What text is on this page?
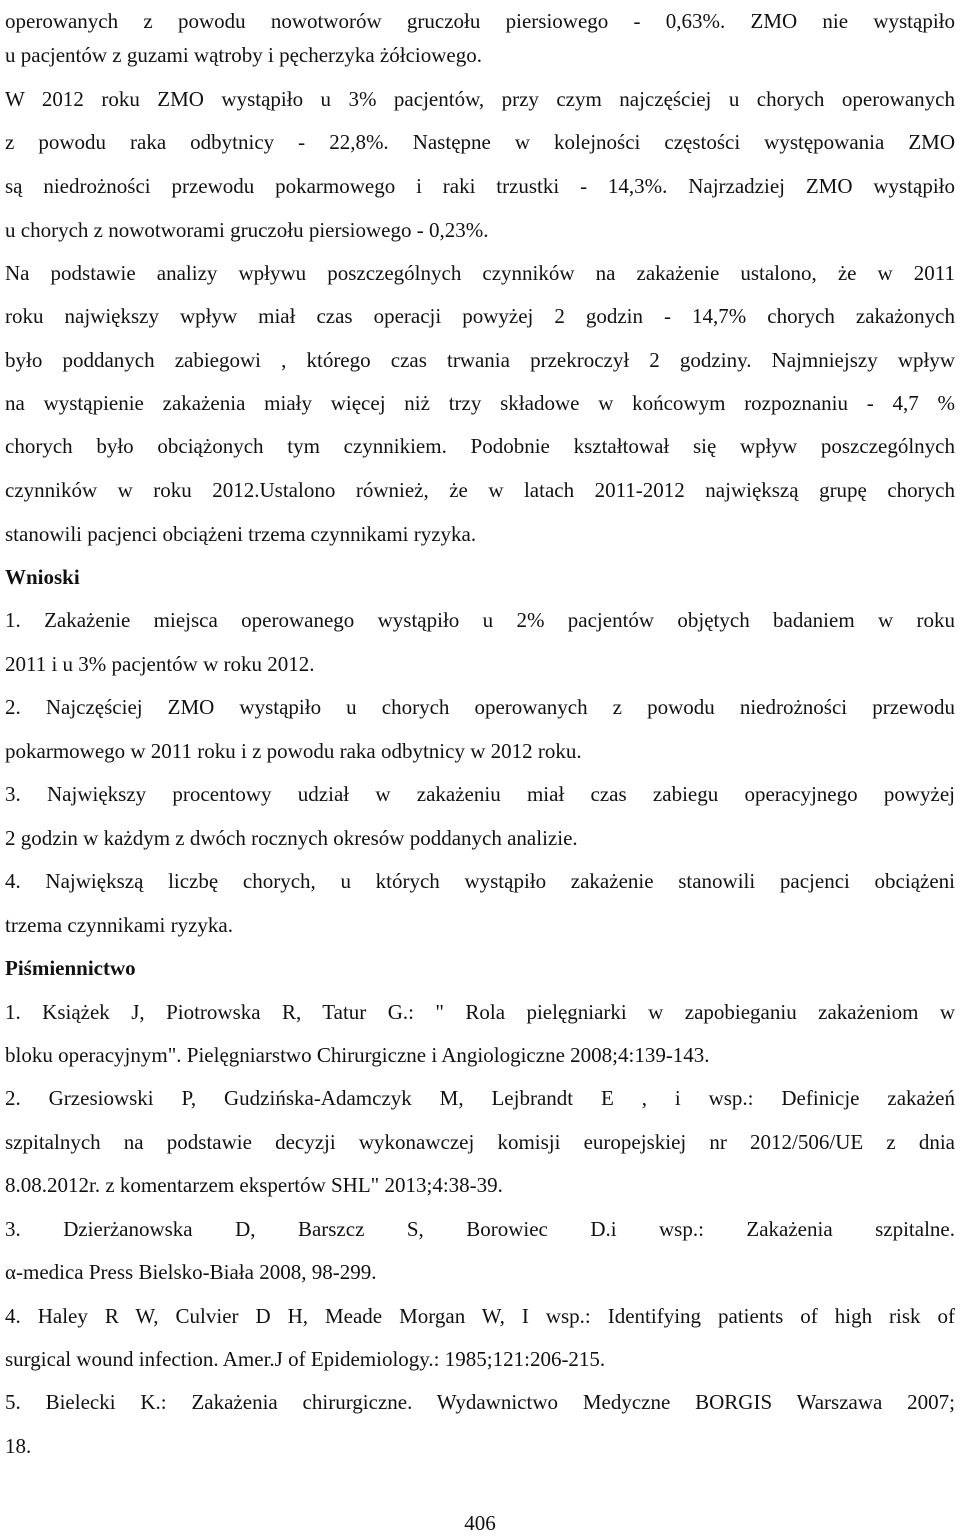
operowanych z powodu nowotworów gruczołu piersiowego - 0,63%. ZMO nie wystąpiło
u pacjentów z guzami wątroby i pęcherzyka żółciowego.
W 2012 roku ZMO wystąpiło u 3% pacjentów, przy czym najczęściej u chorych operowanych
z powodu raka odbytnicy - 22,8%. Następne w kolejności częstości występowania ZMO
są niedrożności przewodu pokarmowego i raki trzustki - 14,3%. Najrzadziej ZMO wystąpiło
u chorych z nowotworami gruczołu piersiowego - 0,23%.
Na podstawie analizy wpływu poszczególnych czynników na zakażenie ustalono, że w 2011
roku największy wpływ miał czas operacji powyżej 2 godzin - 14,7% chorych zakażonych
było poddanych zabiegowi , którego czas trwania przekroczył 2 godziny. Najmniejszy wpływ
na wystąpienie zakażenia miały więcej niż trzy składowe w końcowym rozpoznaniu - 4,7 %
chorych było obciążonych tym czynnikiem. Podobnie kształtował się wpływ poszczególnych
czynników w roku 2012.Ustalono również, że w latach 2011-2012 największą grupę chorych
stanowili pacjenci obciążeni trzema czynnikami ryzyka.
Wnioski
1. Zakażenie miejsca operowanego wystąpiło u 2% pacjentów objętych badaniem w roku
2011 i u 3% pacjentów w roku 2012.
2. Najczęściej ZMO wystąpiło u chorych operowanych z powodu niedrożności przewodu
pokarmowego w 2011 roku i z powodu raka odbytnicy w 2012 roku.
3. Największy procentowy udział w zakażeniu miał czas zabiegu operacyjnego powyżej
2 godzin w każdym z dwóch rocznych okresów poddanych analizie.
4. Największą liczbę chorych, u których wystąpiło zakażenie stanowili pacjenci obciążeni
trzema czynnikami ryzyka.
Piśmiennictwo
1. Książek J, Piotrowska R, Tatur G.: " Rola pielęgniarki w zapobieganiu zakażeniom w
bloku operacyjnym". Pielęgniarstwo Chirurgiczne i Angiologiczne 2008;4:139-143.
2. Grzesiowski P, Gudzińska-Adamczyk M, Lejbrandt E , i wsp.: Definicje zakażeń
szpitalnych na podstawie decyzji wykonawczej komisji europejskiej nr 2012/506/UE z dnia
8.08.2012r. z komentarzem ekspertów SHL" 2013;4:38-39.
3. Dzierżanowska D, Barszcz S, Borowiec D.i wsp.: Zakażenia szpitalne.
α-medica Press Bielsko-Biała 2008, 98-299.
4. Haley R W, Culvier D H, Meade Morgan W, I wsp.: Identifying patients of high risk of
surgical wound infection. Amer.J of Epidemiology.: 1985;121:206-215.
5. Bielecki K.: Zakażenia chirurgiczne. Wydawnictwo Medyczne BORGIS Warszawa 2007;
18.
406
